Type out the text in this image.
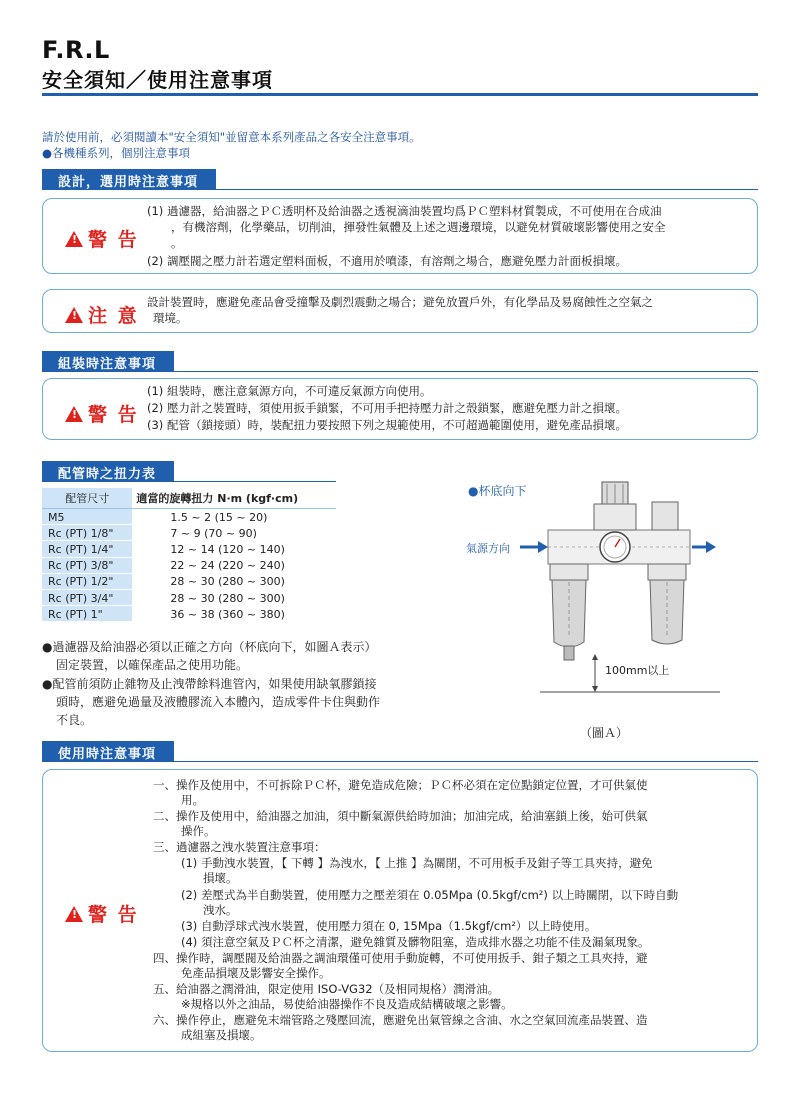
F.R.L
安全須知／使用注意事項
請於使用前，必須閱讀本"安全須知"並留意本系列產品之各安全注意事項。
●各機種系列，個別注意事項
設計，選用時注意事項
!
警 告
(1) 過濾器，給油器之ＰＣ透明杯及給油器之透視滴油裝置均爲ＰＣ塑料材質製成，不可使用在合成油
，有機溶劑，化學藥品，切削油，揮發性氣體及上述之週邊環境，以避免材質破壞影響使用之安全
。
(2) 調壓閥之壓力計若選定塑料面板，不適用於噴漆，有溶劑之場合，應避免壓力計面板損壞。
!
注 意
設計裝置時，應避免產品會受撞擊及劇烈震動之場合；避免放置戶外，有化學品及易腐蝕性之空氣之
環境。
組裝時注意事項
!
警 告
(1) 組裝時，應注意氣源方向，不可違反氣源方向使用。
(2) 壓力計之裝置時，須使用扳手鎖緊，不可用手把持壓力計之殼鎖緊，應避免壓力計之損壞。
(3) 配管（鎖接頭）時，裝配扭力要按照下列之規範使用，不可超過範圍使用，避免產品損壞。
配管時之扭力表
配管尺寸	適當的旋轉扭力 N·m (kgf·cm)
M5	1.5 ~ 2 (15 ~ 20)
Rc (PT) 1/8"	7 ~ 9 (70 ~ 90)
Rc (PT) 1/4"	12 ~ 14 (120 ~ 140)
Rc (PT) 3/8"	22 ~ 24 (220 ~ 240)
Rc (PT) 1/2"	28 ~ 30 (280 ~ 300)
Rc (PT) 3/4"	28 ~ 30 (280 ~ 300)
Rc (PT) 1"	36 ~ 38 (360 ~ 380)
●過濾器及給油器必須以正確之方向（杯底向下，如圖Ａ表示）
固定裝置，以確保產品之使用功能。
●配管前須防止雜物及止洩帶餘料進管內，如果使用缺氧膠鎖接
頭時，應避免過量及液體膠流入本體內，造成零件卡住與動作
不良。
●杯底向下
氣源方向
100mm以上
（圖Ａ）
使用時注意事項
!
警 告
一、操作及使用中，不可拆除ＰＣ杯，避免造成危險；ＰＣ杯必須在定位點鎖定位置，才可供氣使
用。
二、操作及使用中，給油器之加油，須中斷氣源供給時加油；加油完成，給油塞鎖上後，始可供氣
操作。
三、過濾器之洩水裝置注意事項：
(1) 手動洩水裝置，【 下轉 】為洩水，【 上推 】為關閉，不可用板手及鉗子等工具夾持，避免
損壞。
(2) 差壓式為半自動裝置，使用壓力之壓差須在 0.05Mpa (0.5kgf/cm²) 以上時關閉，以下時自動
洩水。
(3) 自動浮球式洩水裝置，使用壓力須在 0, 15Mpa（1.5kgf/cm²）以上時使用。
(4) 須注意空氣及ＰＣ杯之清潔，避免雜質及髒物阻塞，造成排水器之功能不佳及漏氣現象。
四、操作時，調壓閥及給油器之調油環僅可使用手動旋轉，不可使用扳手、鉗子類之工具夾持，避
免產品損壞及影響安全操作。
五、給油器之潤滑油，限定使用 ISO-VG32（及相同規格）潤滑油。
※規格以外之油品，易使給油器操作不良及造成結構破壞之影響。
六、操作停止，應避免末端管路之殘壓回流，應避免出氣管線之含油、水之空氣回流產品裝置、造
成組塞及損壞。
